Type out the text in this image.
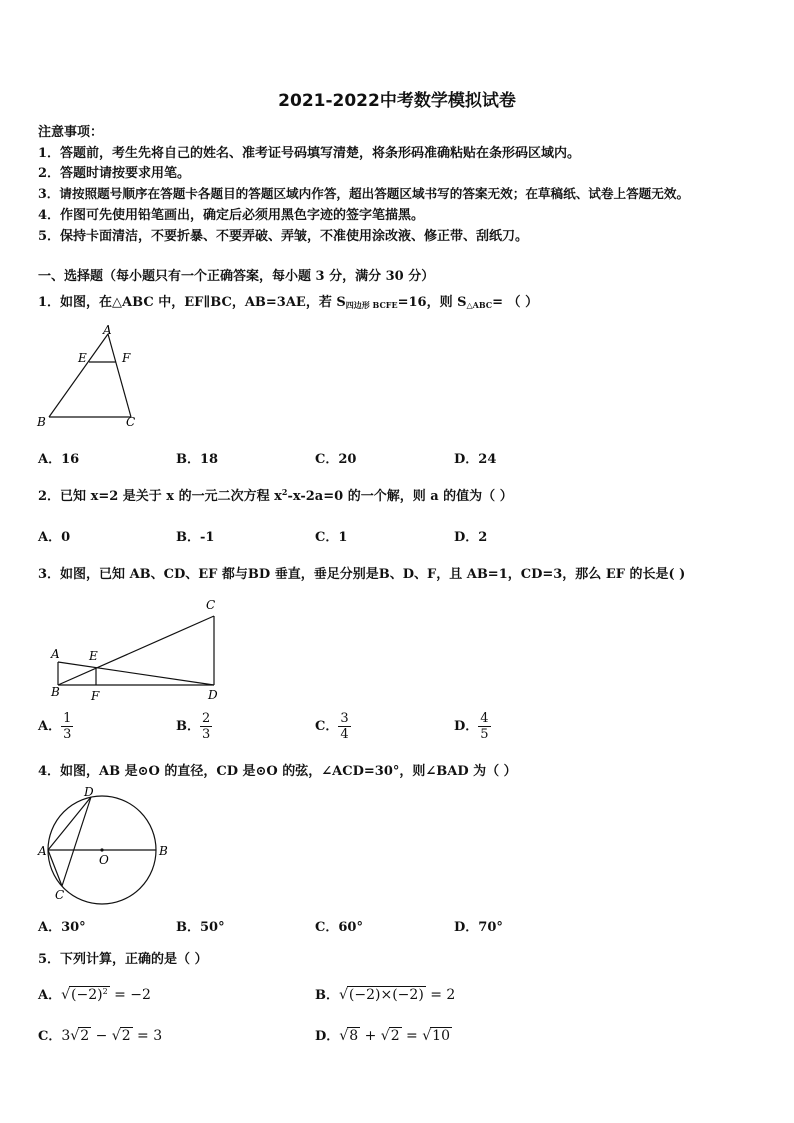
2021-2022中考数学模拟试卷
注意事项：
1．答题前，考生先将自己的姓名、准考证号码填写清楚，将条形码准确粘贴在条形码区域内。
2．答题时请按要求用笔。
3．请按照题号顺序在答题卡各题目的答题区域内作答，超出答题区域书写的答案无效；在草稿纸、试卷上答题无效。
4．作图可先使用铅笔画出，确定后必须用黑色字迹的签字笔描黑。
5．保持卡面清洁，不要折暴、不要弄破、弄皱，不准使用涂改液、修正带、刮纸刀。
一、选择题（每小题只有一个正确答案，每小题 3 分，满分 30 分）
1．如图，在△ABC 中，EF∥BC，AB=3AE，若 $S_{四边形 BCFE}=16$，则 $S_{\triangle ABC}=$ （ ）
A
E	F
B	C
A．16	B．18	C．20	D．24
2．已知 x=2 是关于 x 的一元二次方程 $x^2-x-2a=0$ 的一个解，则 a 的值为（ ）
A．0	B．-1	C．1	D．2
3．如图，已知 AB、CD、EF 都与BD 垂直，垂足分别是B、D、F，且 AB=1，CD=3，那么 EF 的长是( )
A E
C
B	F	D
A． $\frac{1}{3}$	B． $\frac{2}{3}$	C． $\frac{3}{4}$	D． $\frac{4}{5}$
4．如图，AB 是⊙O 的直径，CD 是⊙O 的弦，∠ACD=30°，则∠BAD 为（ ）
A	B
D
C
O
A．30°	B．50°	C．60°	D．70°
5．下列计算，正确的是（ ）
A．$√(-2)^2 = -2$	B．√(−2)×(−2) = 2
C．3√2 − √2 = 3	D．√8 + √2 = √10
